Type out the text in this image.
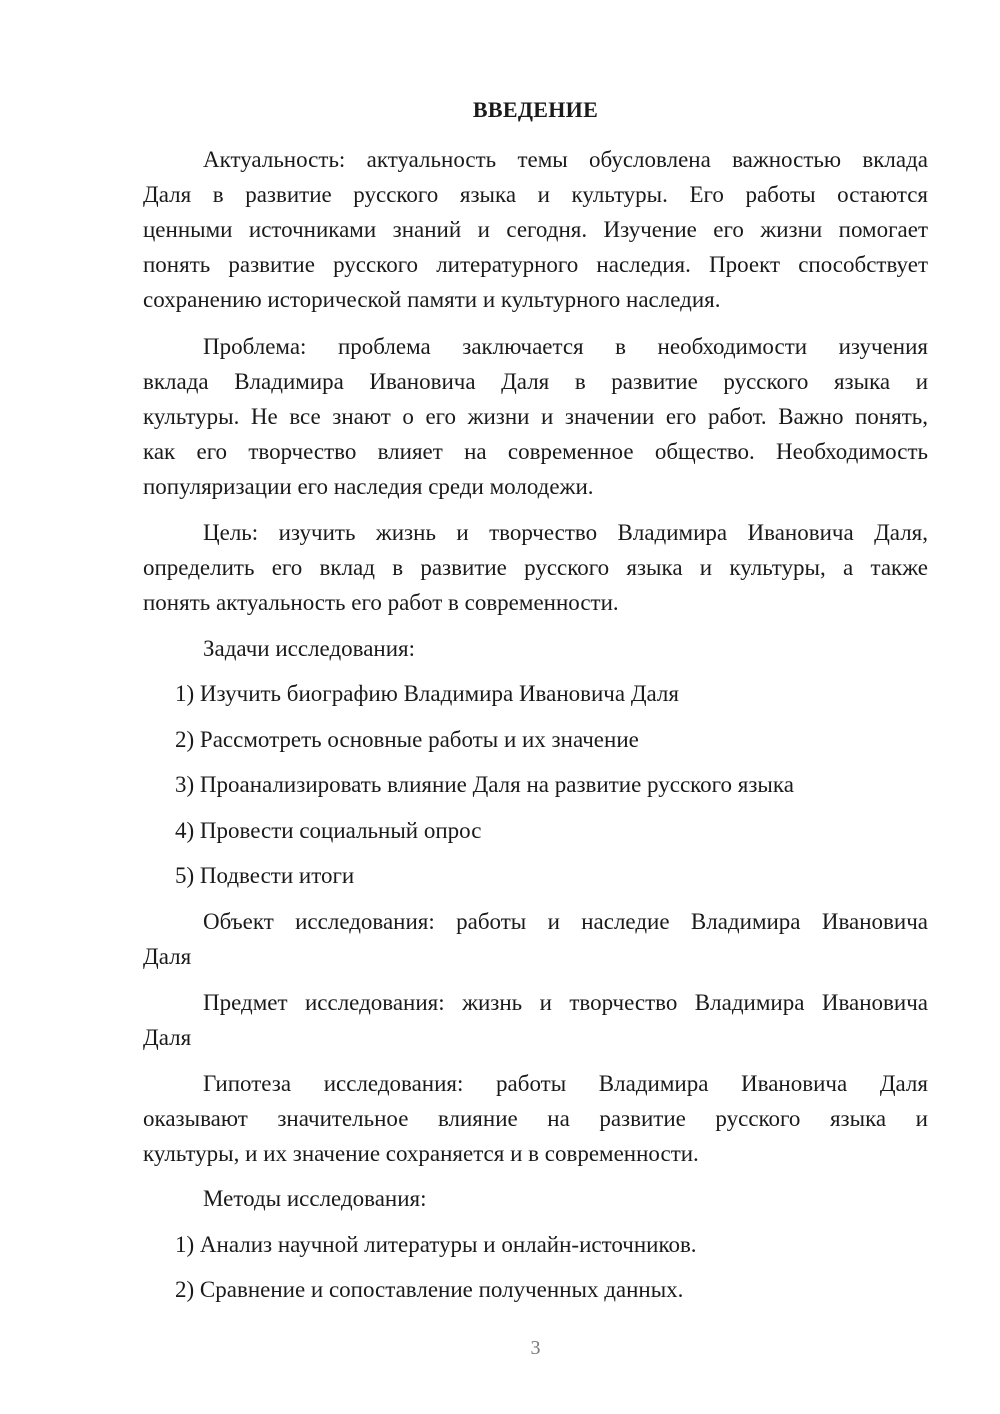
ВВЕДЕНИЕ
Актуальность: актуальность темы обусловлена важностью вклада
Даля в развитие русского языка и культуры. Его работы остаются
ценными источниками знаний и сегодня. Изучение его жизни помогает
понять развитие русского литературного наследия. Проект способствует
сохранению исторической памяти и культурного наследия.
Проблема: проблема заключается в необходимости изучения
вклада Владимира Ивановича Даля в развитие русского языка и
культуры. Не все знают о его жизни и значении его работ. Важно понять,
как его творчество влияет на современное общество. Необходимость
популяризации его наследия среди молодежи.
Цель: изучить жизнь и творчество Владимира Ивановича Даля,
определить его вклад в развитие русского языка и культуры, а также
понять актуальность его работ в современности.
Задачи исследования:
1) Изучить биографию Владимира Ивановича Даля
2) Рассмотреть основные работы и их значение
3) Проанализировать влияние Даля на развитие русского языка
4) Провести социальный опрос
5) Подвести итоги
Объект исследования: работы и наследие Владимира Ивановича
Даля
Предмет исследования: жизнь и творчество Владимира Ивановича
Даля
Гипотеза исследования: работы Владимира Ивановича Даля
оказывают значительное влияние на развитие русского языка и
культуры, и их значение сохраняется и в современности.
Методы исследования:
1) Анализ научной литературы и онлайн-источников.
2) Сравнение и сопоставление полученных данных.
3
